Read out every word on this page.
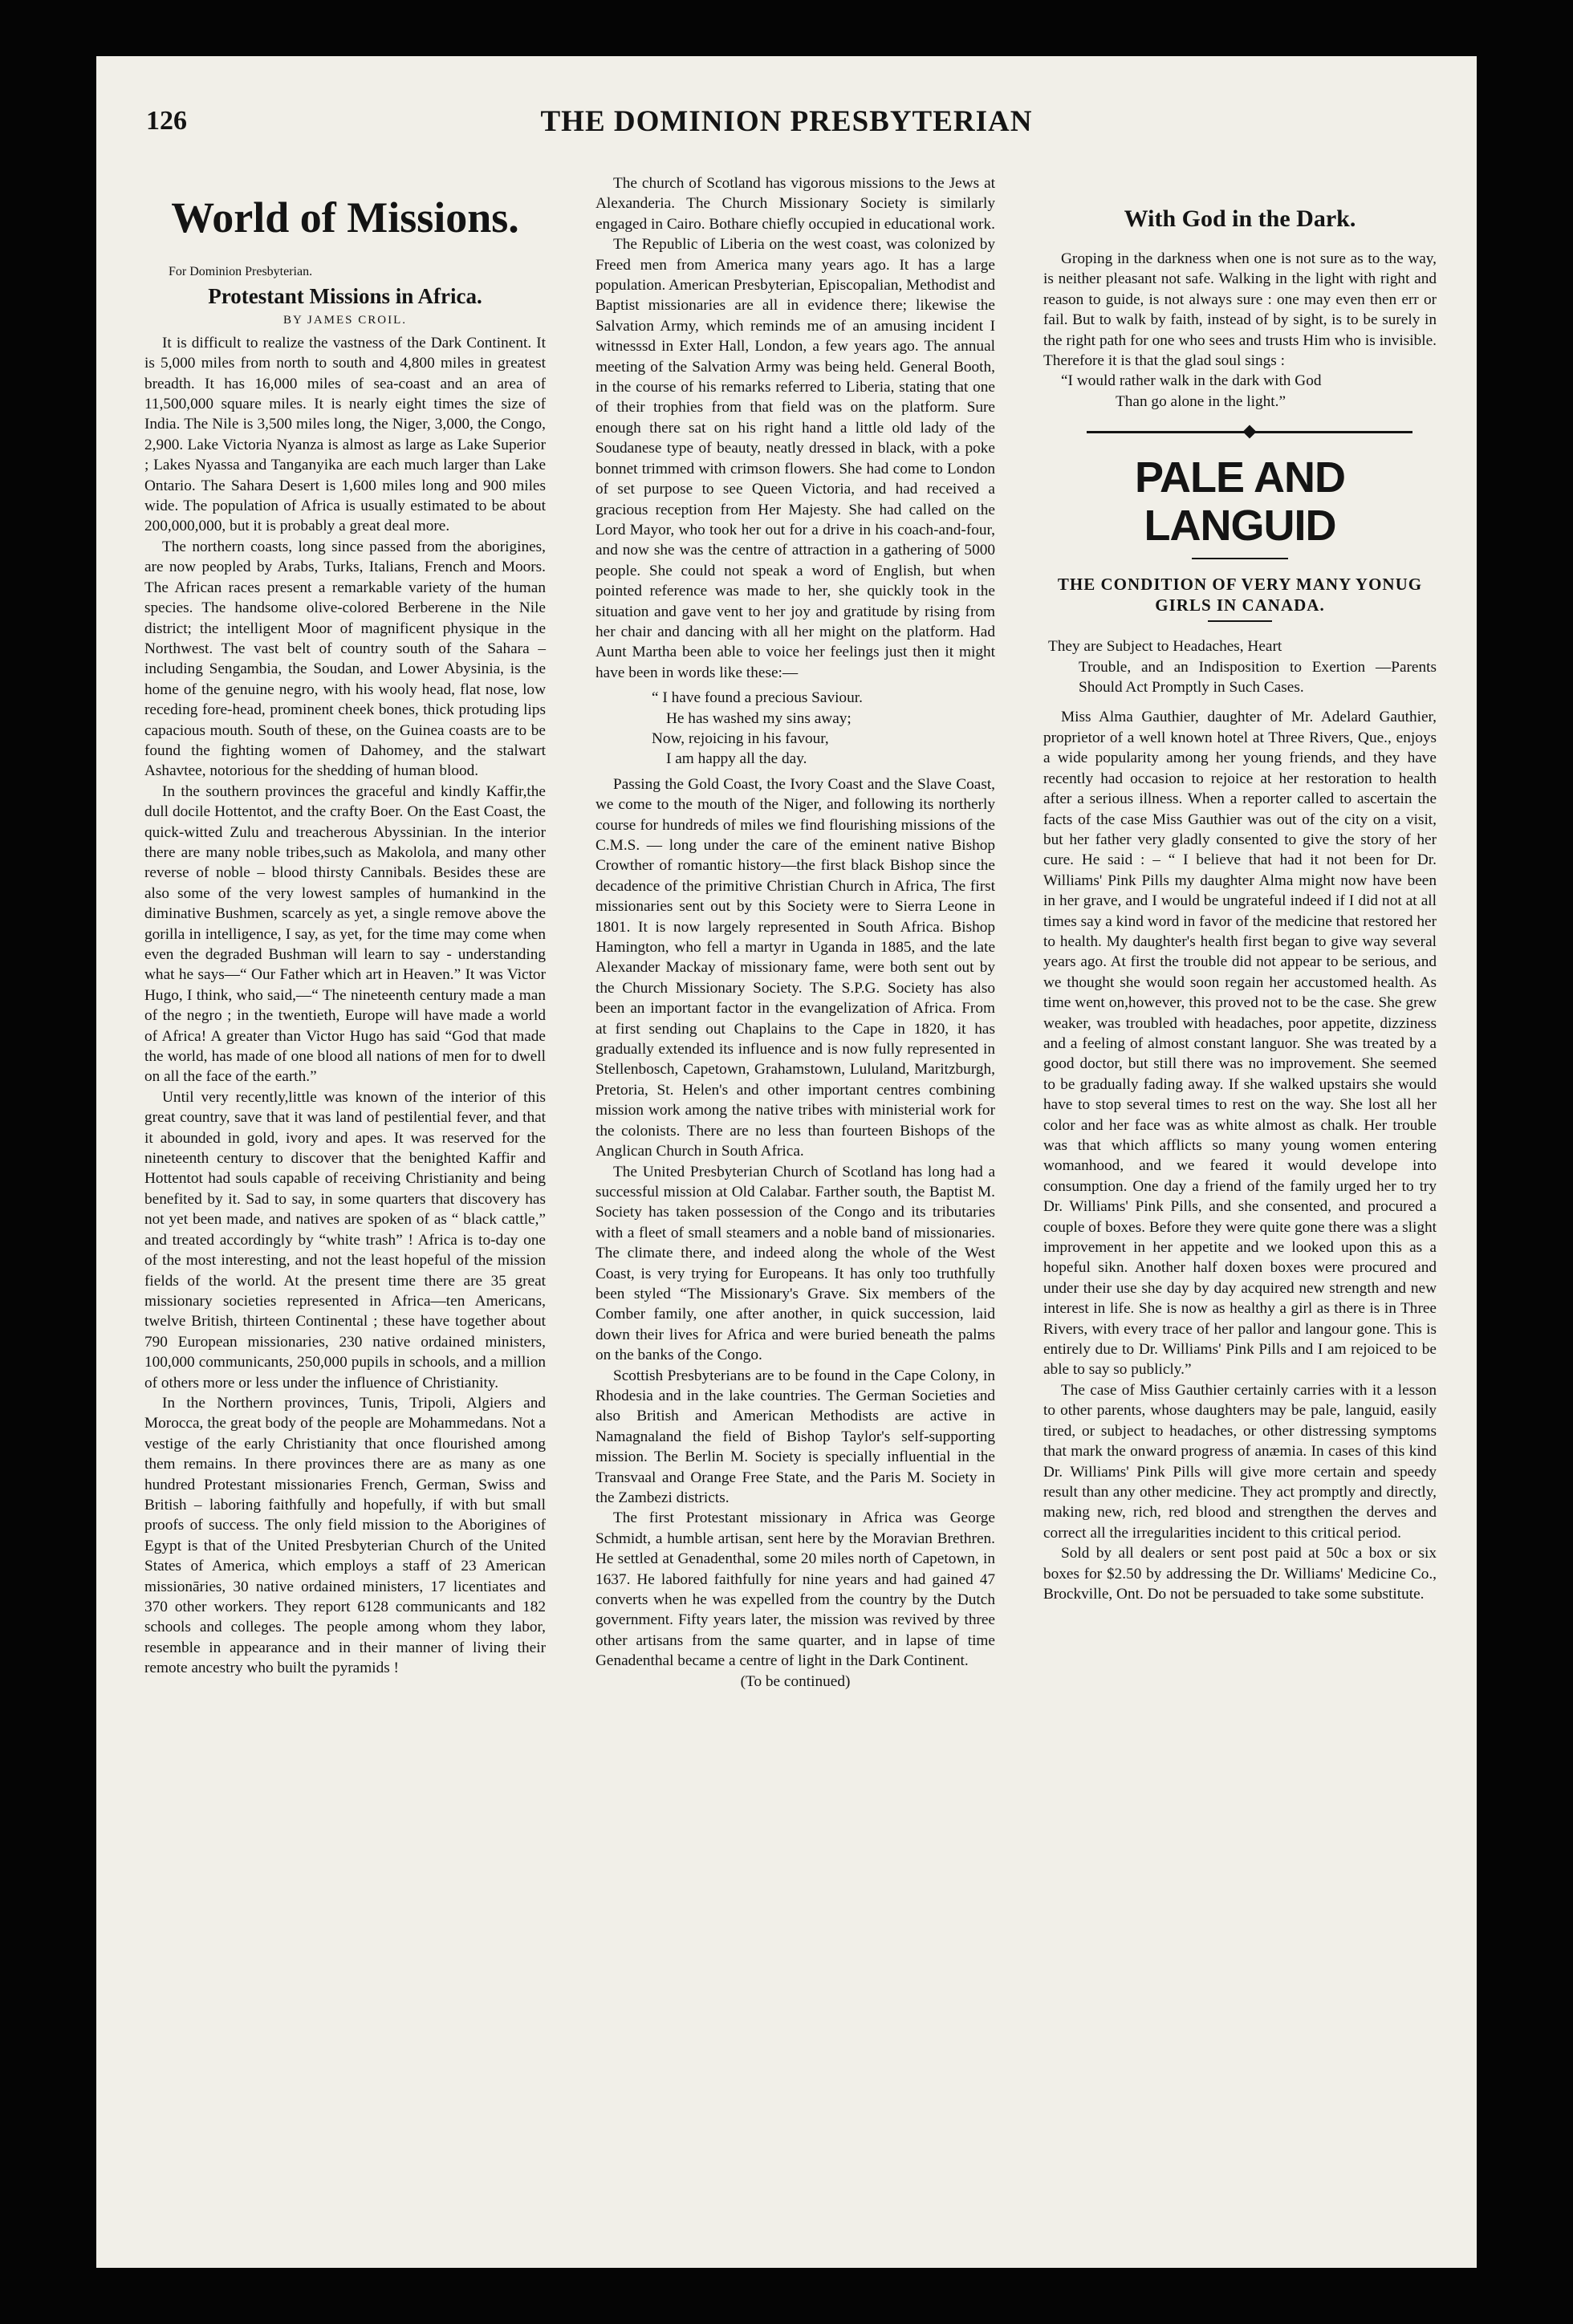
126	THE DOMINION PRESBYTERIAN
World of Missions.
For Dominion Presbyterian.
Protestant Missions in Africa.
BY JAMES CROIL.

It is difficult to realize the vastness of the Dark Continent. It is 5,000 miles from north to south and 4,800 miles in greatest breadth. It has 16,000 miles of sea-coast and an area of 11,500,000 square miles. It is nearly eight times the size of India. The Nile is 3,500 miles long, the Niger, 3,000, the Congo, 2,900. Lake Victoria Nyanza is almost as large as Lake Superior ; Lakes Nyassa and Tanganyika are each much larger than Lake Ontario. The Sahara Desert is 1,600 miles long and 900 miles wide. The population of Africa is usually estimated to be about 200,000,000, but it is probably a great deal more.

The northern coasts, long since passed from the aborigines, are now peopled by Arabs, Turks, Italians, French and Moors. The African races present a remarkable variety of the human species. The handsome olive-colored Berberene in the Nile district; the intelligent Moor of magnificent physique in the Northwest. The vast belt of country south of the Sahara – including Sengambia, the Soudan, and Lower Abysinia, is the home of the genuine negro, with his wooly head, flat nose, low receding fore-head, prominent cheek bones, thick protuding lips capacious mouth. South of these, on the Guinea coasts are to be found the fighting women of Dahomey, and the stalwart Ashavtee, notorious for the shedding of human blood.

In the southern provinces the graceful and kindly Kaffir,the dull docile Hottentot, and the crafty Boer. On the East Coast, the quick-witted Zulu and treacherous Abyssinian. In the interior there are many noble tribes,such as Makolola, and many other reverse of noble – blood thirsty Cannibals. Besides these are also some of the very lowest samples of humankind in the diminative Bushmen, scarcely as yet, a single remove above the gorilla in intelligence, I say, as yet, for the time may come when even the degraded Bushman will learn to say - understanding what he says—“ Our Father which art in Heaven.” It was Victor Hugo, I think, who said,—“ The nineteenth century made a man of the negro ; in the twentieth, Europe will have made a world of Africa! A greater than Victor Hugo has said “God that made the world, has made of one blood all nations of men for to dwell on all the face of the earth.”

Until very recently,little was known of the interior of this great country, save that it was land of pestilential fever, and that it abounded in gold, ivory and apes. It was reserved for the nineteenth century to discover that the benighted Kaffir and Hottentot had souls capable of receiving Christianity and being benefited by it. Sad to say, in some quarters that discovery has not yet been made, and natives are spoken of as “ black cattle,” and treated accordingly by “white trash” ! Africa is to-day one of the most interesting, and not the least hopeful of the mission fields of the world. At the present time there are 35 great missionary societies represented in Africa—ten Americans, twelve British, thirteen Continental ; these have together about 790 European missionaries, 230 native ordained ministers, 100,000 communicants, 250,000 pupils in schools, and a million of others more or less under the influence of Christianity.

In the Northern provinces, Tunis, Tripoli, Algiers and Morocca, the great body of the people are Mohammedans. Not a vestige of the early Christianity that once flourished among them remains. In there provinces there are as many as one hundred Protestant missionaries French, German, Swiss and British – laboring faithfully and hopefully, if with but small proofs of success. The only field mission to the Aborigines of Egypt is that of the United Presbyterian Church of the United States of America, which employs a staff of 23 American missionāries, 30 native ordained ministers, 17 licentiates and 370 other workers. They report 6128 communicants and 182 schools and colleges. The people among whom they labor, resemble in appearance and in their manner of living their remote ancestry who built the pyramids !

The church of Scotland has vigorous missions to the Jews at Alexanderia. The Church Missionary Society is similarly engaged in Cairo. Bothare chiefly occupied in educational work.

The Republic of Liberia on the west coast, was colonized by Freed men from America many years ago. It has a large population. American Presbyterian, Episcopalian, Methodist and Baptist missionaries are all in evidence there; likewise the Salvation Army, which reminds me of an amusing incident I witnesssd in Exter Hall, London, a few years ago. The annual meeting of the Salvation Army was being held. General Booth, in the course of his remarks referred to Liberia, stating that one of their trophies from that field was on the platform. Sure enough there sat on his right hand a little old lady of the Soudanese type of beauty, neatly dressed in black, with a poke bonnet trimmed with crimson flowers. She had come to London of set purpose to see Queen Victoria, and had received a gracious reception from Her Majesty. She had called on the Lord Mayor, who took her out for a drive in his coach-and-four, and now she was the centre of attraction in a gathering of 5000 people. She could not speak a word of English, but when pointed reference was made to her, she quickly took in the situation and gave vent to her joy and gratitude by rising from her chair and dancing with all her might on the platform. Had Aunt Martha been able to voice her feelings just then it might have been in words like these:—

“ I have found a precious Saviour.
He has washed my sins away;
Now, rejoicing in his favour,
I am happy all the day.

Passing the Gold Coast, the Ivory Coast and the Slave Coast, we come to the mouth of the Niger, and following its northerly course for hundreds of miles we find flourishing missions of the C.M.S. — long under the care of the eminent native Bishop Crowther of romantic history—the first black Bishop since the decadence of the primitive Christian Church in Africa, The first missionaries sent out by this Society were to Sierra Leone in 1801. It is now largely represented in South Africa. Bishop Hamington, who fell a martyr in Uganda in 1885, and the late Alexander Mackay of missionary fame, were both sent out by the Church Missionary Society. The S.P.G. Society has also been an important factor in the evangelization of Africa. From at first sending out Chaplains to the Cape in 1820, it has gradually extended its influence and is now fully represented in Stellenbosch, Capetown, Grahamstown, Lululand, Maritzburgh, Pretoria, St. Helen's and other important centres combining mission work among the native tribes with ministerial work for the colonists. There are no less than fourteen Bishops of the Anglican Church in South Africa.

The United Presbyterian Church of Scotland has long had a successful mission at Old Calabar. Farther south, the Baptist M. Society has taken possession of the Congo and its tributaries with a fleet of small steamers and a noble band of missionaries. The climate there, and indeed along the whole of the West Coast, is very trying for Europeans. It has only too truthfully been styled “The Missionary's Grave. Six members of the Comber family, one after another, in quick succession, laid down their lives for Africa and were buried beneath the palms on the banks of the Congo.

Scottish Presbyterians are to be found in the Cape Colony, in Rhodesia and in the lake countries. The German Societies and also British and American Methodists are active in Namagnaland the field of Bishop Taylor's self-supporting mission. The Berlin M. Society is specially influential in the Transvaal and Orange Free State, and the Paris M. Society in the Zambezi districts.

The first Protestant missionary in Africa was George Schmidt, a humble artisan, sent here by the Moravian Brethren. He settled at Genadenthal, some 20 miles north of Capetown, in 1637. He labored faithfully for nine years and had gained 47 converts when he was expelled from the country by the Dutch government. Fifty years later, the mission was revived by three other artisans from the same quarter, and in lapse of time Genadenthal became a centre of light in the Dark Continent.

(To be continued)

With God in the Dark.

Groping in the darkness when one is not sure as to the way, is neither pleasant not safe. Walking in the light with right and reason to guide, is not always sure : one may even then err or fail. But to walk by faith, instead of by sight, is to be surely in the right path for one who sees and trusts Him who is invisible. Therefore it is that the glad soul sings :

“I would rather walk in the dark with God

Than go alone in the light.”

PALE AND LANGUID
THE CONDITION OF VERY MANY YONUG GIRLS IN CANADA.

They are Subject to Headaches, Heart
Trouble, and an Indisposition to Exertion —Parents Should Act Promptly in Such Cases.

Miss Alma Gauthier, daughter of Mr. Adelard Gauthier, proprietor of a well known hotel at Three Rivers, Que., enjoys a wide popularity among her young friends, and they have recently had occasion to rejoice at her restoration to health after a serious illness. When a reporter called to ascertain the facts of the case Miss Gauthier was out of the city on a visit, but her father very gladly consented to give the story of her cure. He said : – “ I believe that had it not been for Dr. Williams' Pink Pills my daughter Alma might now have been in her grave, and I would be ungrateful indeed if I did not at all times say a kind word in favor of the medicine that restored her to health. My daughter's health first began to give way several years ago. At first the trouble did not appear to be serious, and we thought she would soon regain her accustomed health. As time went on,however, this proved not to be the case. She grew weaker, was troubled with headaches, poor appetite, dizziness and a feeling of almost constant languor. She was treated by a good doctor, but still there was no improvement. She seemed to be gradually fading away. If she walked upstairs she would have to stop several times to rest on the way. She lost all her color and her face was as white almost as chalk. Her trouble was that which afflicts so many young women entering womanhood, and we feared it would develope into consumption. One day a friend of the family urged her to try Dr. Williams' Pink Pills, and she consented, and procured a couple of boxes. Before they were quite gone there was a slight improvement in her appetite and we looked upon this as a hopeful sikn. Another half doxen boxes were procured and under their use she day by day acquired new strength and new interest in life. She is now as healthy a girl as there is in Three Rivers, with every trace of her pallor and langour gone. This is entirely due to Dr. Williams' Pink Pills and I am rejoiced to be able to say so publicly.”

The case of Miss Gauthier certainly carries with it a lesson to other parents, whose daughters may be pale, languid, easily tired, or subject to headaches, or other distressing symptoms that mark the onward progress of anæmia. In cases of this kind Dr. Williams' Pink Pills will give more certain and speedy result than any other medicine. They act promptly and directly, making new, rich, red blood and strengthen the derves and correct all the irregularities incident to this critical period.

Sold by all dealers or sent post paid at 50c a box or six boxes for $2.50 by addressing the Dr. Williams' Medicine Co., Brockville, Ont. Do not be persuaded to take some substitute.
